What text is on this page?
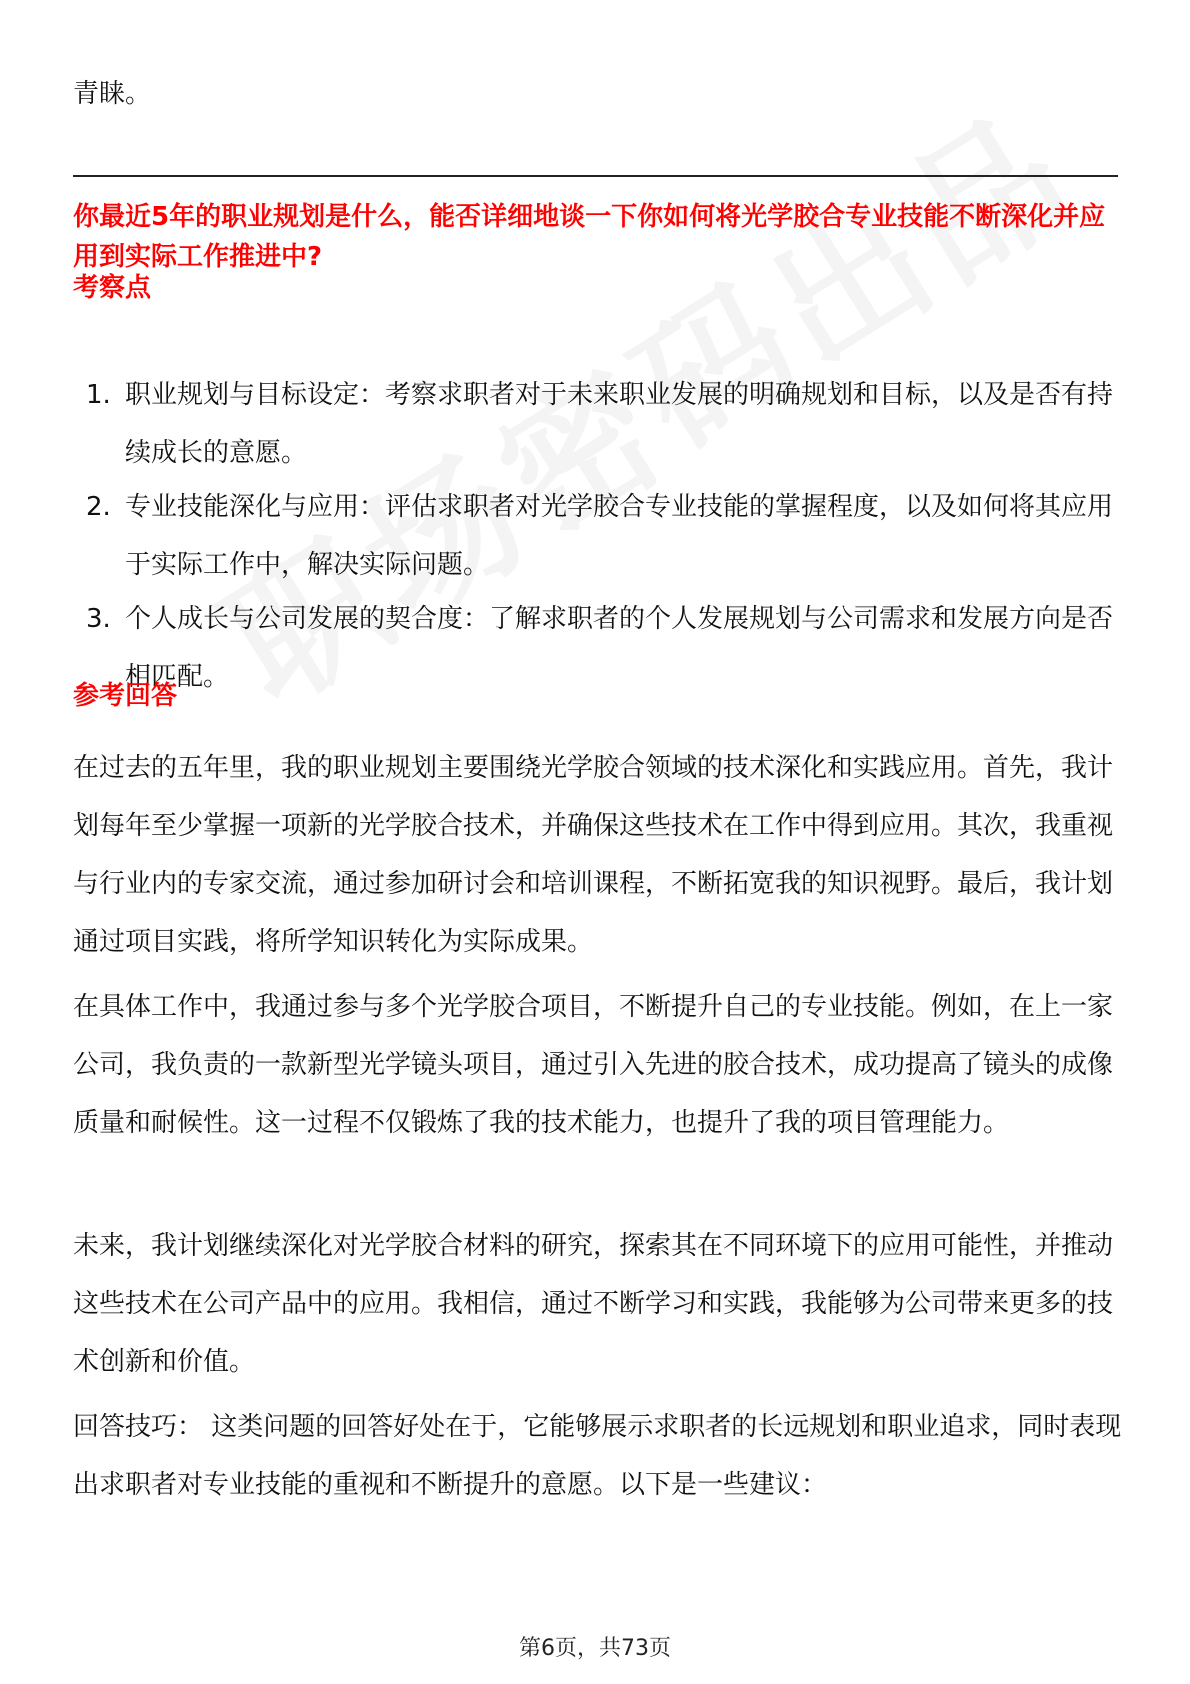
青睐。
你最近5年的职业规划是什么，能否详细地谈一下你如何将光学胶合专业技能不断深化并应用到实际工作推进中?
考察点
1. 职业规划与目标设定：考察求职者对于未来职业发展的明确规划和目标，以及是否有持续成长的意愿。
2. 专业技能深化与应用：评估求职者对光学胶合专业技能的掌握程度，以及如何将其应用于实际工作中，解决实际问题。
3. 个人成长与公司发展的契合度：了解求职者的个人发展规划与公司需求和发展方向是否相匹配。
参考回答

在过去的五年里，我的职业规划主要围绕光学胶合领域的技术深化和实践应用。首先，我计划每年至少掌握一项新的光学胶合技术，并确保这些技术在工作中得到应用。其次，我重视与行业内的专家交流，通过参加研讨会和培训课程，不断拓宽我的知识视野。最后，我计划通过项目实践，将所学知识转化为实际成果。

在具体工作中，我通过参与多个光学胶合项目，不断提升自己的专业技能。例如，在上一家公司，我负责的一款新型光学镜头项目，通过引入先进的胶合技术，成功提高了镜头的成像质量和耐候性。这一过程不仅锻炼了我的技术能力，也提升了我的项目管理能力。

未来，我计划继续深化对光学胶合材料的研究，探索其在不同环境下的应用可能性，并推动这些技术在公司产品中的应用。我相信，通过不断学习和实践，我能够为公司带来更多的技术创新和价值。

回答技巧： 这类问题的回答好处在于，它能够展示求职者的长远规划和职业追求，同时表现出求职者对专业技能的重视和不断提升的意愿。以下是一些建议：

第6页，共73页
